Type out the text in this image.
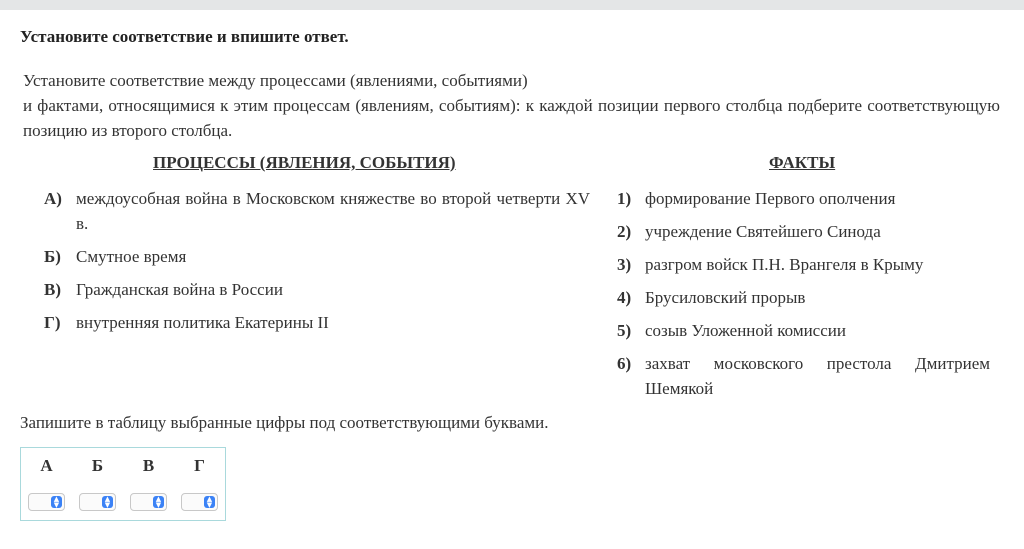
Установите соответствие и впишите ответ.

Установите соответствие между процессами (явлениями, событиями)

и фактами, относящимися к этим процессам (явлениям, событиям): к каждой позиции первого столбца подберите соответствующую позицию из второго столбца.

ПРОЦЕССЫ (ЯВЛЕНИЯ, СОБЫТИЯ)	ФАКТЫ
А) междоусобная война в Московском княжестве во второй четверти XV в.
Б) Смутное время
В) Гражданская война в России
Г) внутренняя политика Екатерины II
1) формирование Первого ополчения
2) учреждение Святейшего Синода
3) разгром войск П.Н. Врангеля в Крыму
4) Брусиловский прорыв
5) созыв Уложенной комиссии
6) захват московского престола Дмитрием Шемякой
Запишите в таблицу выбранные цифры под соответствующими буквами.
А	Б	В	Г

▲
▼	▲
▼	▲
▼	▲
▼
